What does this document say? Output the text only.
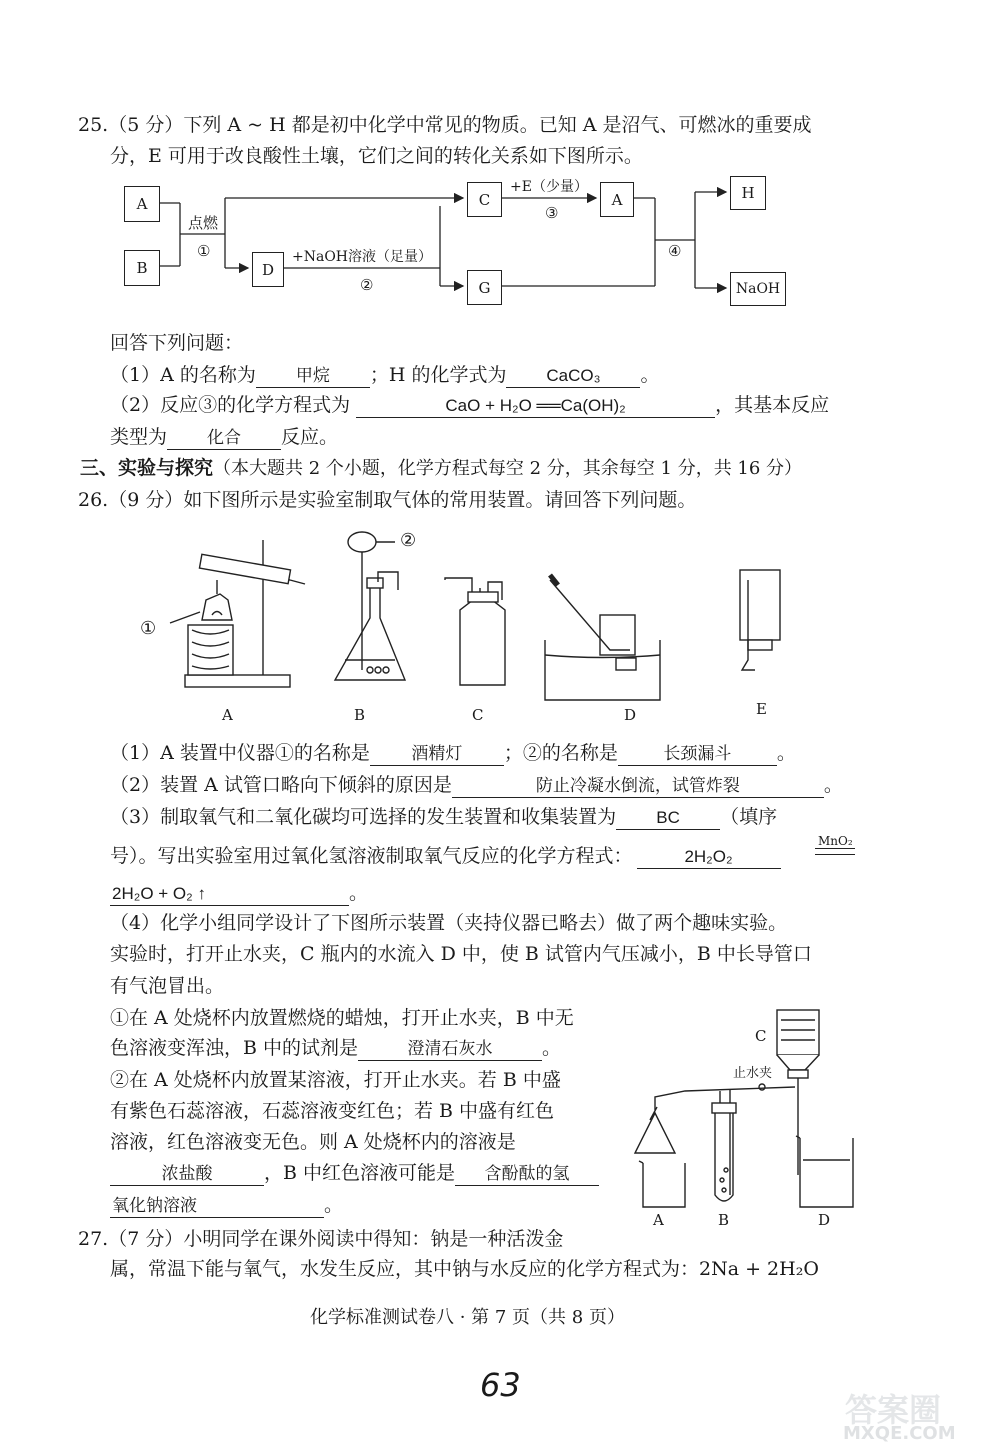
25.（5 分）下列 A ~ H 都是初中化学中常见的物质。已知 A 是沼气、可燃冰的重要成
分，E 可用于改良酸性土壤，它们之间的转化关系如下图所示。
A
B
C	A	H
D
G	NaOH
点燃
①
+E（少量）
③
+NaOH溶液（足量）
②
④
回答下列问题：
（1）A 的名称为 甲烷 ；H 的化学式为 CaCO₃ 。
（2）反应③的化学方程式为	CaO + H₂O ══Ca(OH)₂	，其基本反应
类型为 化合 反应。
三、实验与探究（本大题共 2 个小题，化学方程式每空 2 分，其余每空 1 分，共 16 分）
26.（9 分）如下图所示是实验室制取气体的常用装置。请回答下列问题。
①
②
A	B	C	D	E
（1）A 装置中仪器①的名称是 酒精灯 ；②的名称是	长颈漏斗 。
（2）装置 A 试管口略向下倾斜的原因是	防止冷凝水倒流，试管炸裂	。
（3）制取氧气和二氧化碳均可选择的发生装置和收集装置为 BC （填序
号）。写出实验室用过氧化氢溶液制取氧气反应的化学方程式：	2H₂O₂
MnO₂
2H₂O + O₂ ↑	。
（4）化学小组同学设计了下图所示装置（夹持仪器已略去）做了两个趣味实验。
实验时，打开止水夹，C 瓶内的水流入 D 中，使 B 试管内气压减小，B 中长导管口
有气泡冒出。
①在 A 处烧杯内放置燃烧的蜡烛，打开止水夹，B 中无
色溶液变浑浊，B 中的试剂是	澄清石灰水	。
②在 A 处烧杯内放置某溶液，打开止水夹。若 B 中盛
有紫色石蕊溶液，石蕊溶液变红色；若 B 中盛有红色
溶液，红色溶液变无色。则 A 处烧杯内的溶液是
浓盐酸	，B 中红色溶液可能是 含酚酞的氢
氧化钠溶液	。
C
止水夹
A	B	D
27.（7 分）小明同学在课外阅读中得知：钠是一种活泼金
属，常温下能与氧气，水发生反应，其中钠与水反应的化学方程式为：2Na + 2H₂O
化学标准测试卷八 · 第 7 页（共 8 页）
63
答案圈
MXQE.COM
